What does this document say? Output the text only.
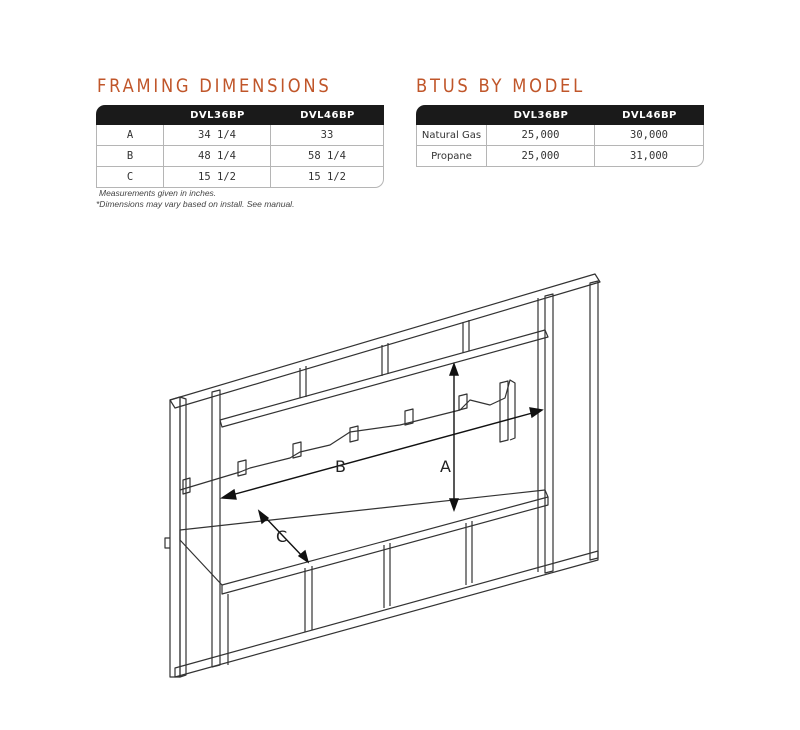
FRAMING DIMENSIONS
	DVL36BP	DVL46BP
A	34 1/4	33
B	48 1/4	58 1/4
C	15 1/2	15 1/2

Measurements given in inches.

*Dimensions may vary based on install. See manual.

BTUS BY MODEL
	DVL36BP	DVL46BP
Natural Gas	25,000	30,000
Propane	25,000	31,000
A
B
C
